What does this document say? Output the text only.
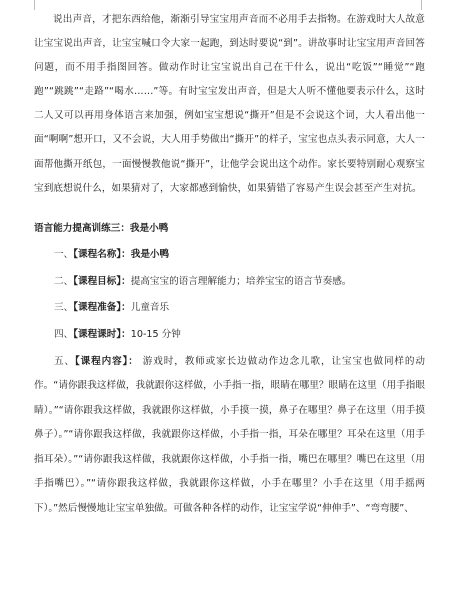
说出声音，才把东西给他，渐渐引导宝宝用声音而不必用手去指物。在游戏时大人故意让宝宝说出声音，让宝宝喊口令大家一起跑，到达时要说“到”。讲故事时让宝宝用声音回答问题，而不用手指图回答。做动作时让宝宝说出自己在干什么，说出“吃饭”“睡觉”“跑跑”“跳跳”“走路”“喝水……”等。有时宝宝发出声音，但是大人听不懂他要表示什么，这时二人又可以再用身体语言来加强，例如宝宝想说“撕开”但是不会说这个词，大人看出他一面“啊啊”想开口，又不会说，大人用手势做出“撕开”的样子，宝宝也点头表示同意，大人一面帮他撕开纸包，一面慢慢教他说“撕开”，让他学会说出这个动作。家长要特别耐心观察宝宝到底想说什么，如果猜对了，大家都感到愉快，如果猜错了容易产生误会甚至产生对抗。

语言能力提高训练三：我是小鸭

一、【课程名称】：我是小鸭

二、【课程目标】：提高宝宝的语言理解能力；培养宝宝的语言节奏感。

三、【课程准备】：儿童音乐

四、【课程课时】：10-15 分钟

五、【课程内容】： 游戏时，教师或家长边做动作边念儿歌，让宝宝也做同样的动作。“请你跟我这样做，我就跟你这样做，小手指一指，眼睛在哪里？眼睛在这里（用手指眼睛）。”“请你跟我这样做，我就跟你这样做，小手摸一摸，鼻子在哪里？鼻子在这里（用手摸鼻子）。”“请你跟我这样做，我就跟你这样做，小手指一指，耳朵在哪里？耳朵在这里（用手指耳朵）。”“请你跟我这样做，我就跟你这样做，小手指一指，嘴巴在哪里？嘴巴在这里（用手指嘴巴）。”“请你跟我这样做，我就跟你这样做，小手在哪里？小手在这里（用手摇两下）。”然后慢慢地让宝宝单独做。可做各种各样的动作，让宝宝学说“伸伸手”、“弯弯腰”、
